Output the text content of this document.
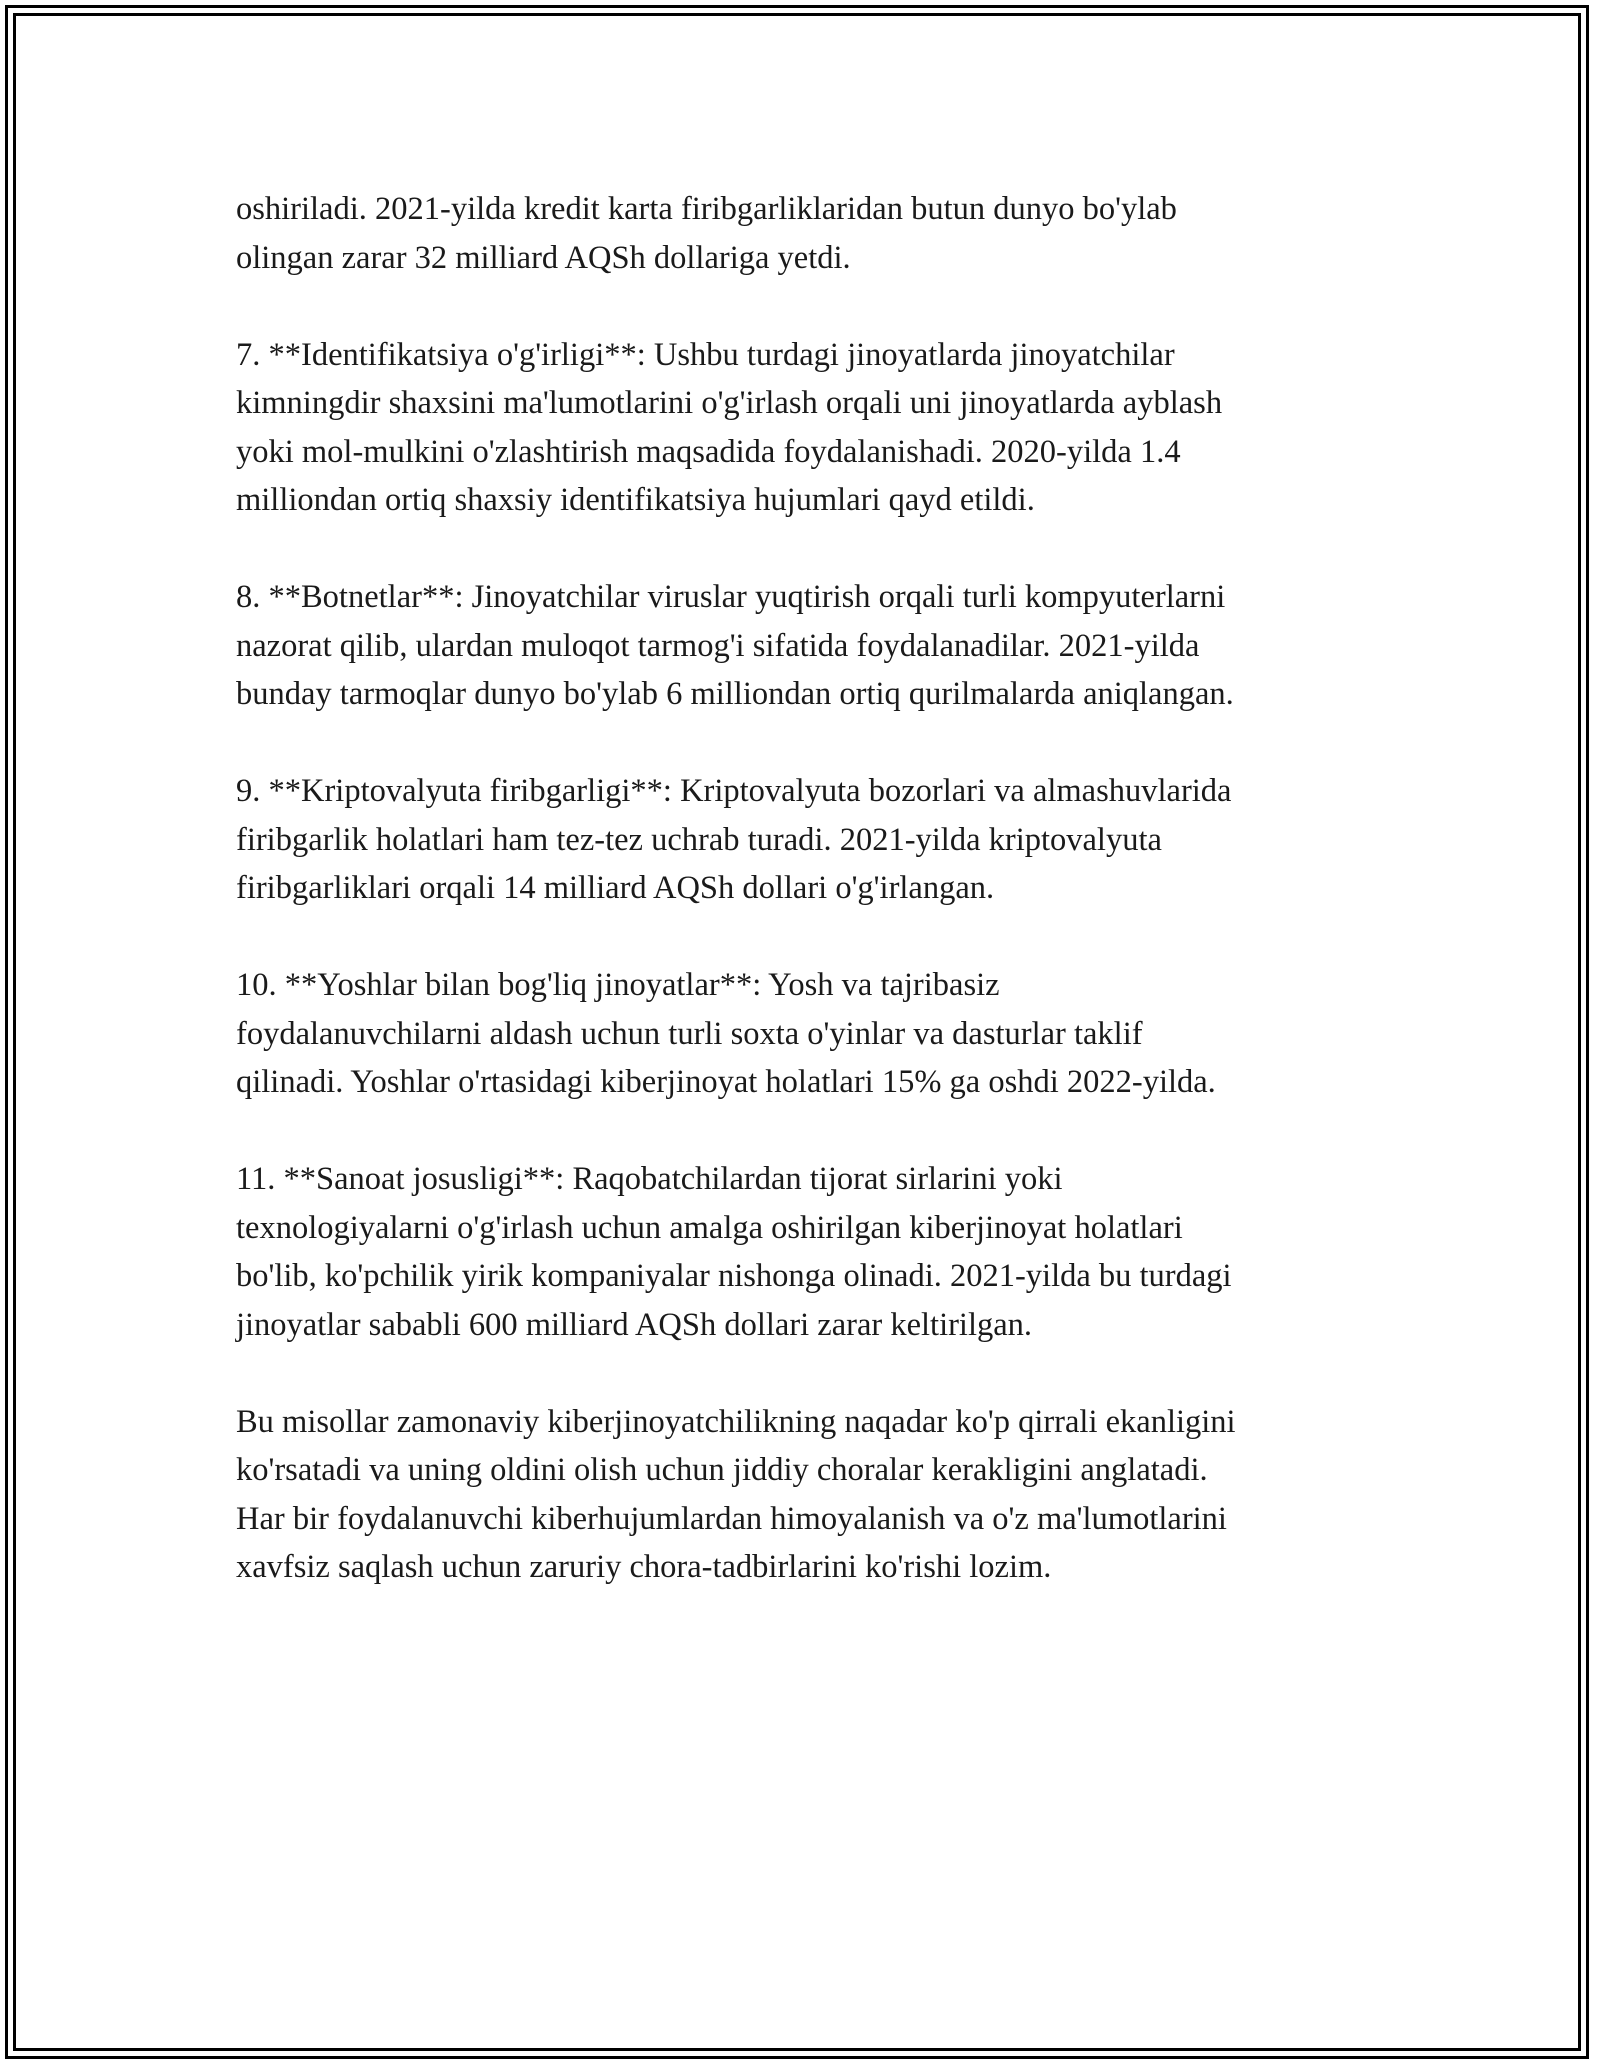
oshiriladi. 2021-yilda kredit karta firibgarliklaridan butun dunyo bo'ylab
olingan zarar 32 milliard AQSh dollariga yetdi.

7. **Identifikatsiya o'g'irligi**: Ushbu turdagi jinoyatlarda jinoyatchilar
kimningdir shaxsini ma'lumotlarini o'g'irlash orqali uni jinoyatlarda ayblash
yoki mol-mulkini o'zlashtirish maqsadida foydalanishadi. 2020-yilda 1.4
milliondan ortiq shaxsiy identifikatsiya hujumlari qayd etildi.

8. **Botnetlar**: Jinoyatchilar viruslar yuqtirish orqali turli kompyuterlarni
nazorat qilib, ulardan muloqot tarmog'i sifatida foydalanadilar. 2021-yilda
bunday tarmoqlar dunyo bo'ylab 6 milliondan ortiq qurilmalarda aniqlangan.

9. **Kriptovalyuta firibgarligi**: Kriptovalyuta bozorlari va almashuvlarida
firibgarlik holatlari ham tez-tez uchrab turadi. 2021-yilda kriptovalyuta
firibgarliklari orqali 14 milliard AQSh dollari o'g'irlangan.

10. **Yoshlar bilan bog'liq jinoyatlar**: Yosh va tajribasiz
foydalanuvchilarni aldash uchun turli soxta o'yinlar va dasturlar taklif
qilinadi. Yoshlar o'rtasidagi kiberjinoyat holatlari 15% ga oshdi 2022-yilda.

11. **Sanoat josusligi**: Raqobatchilardan tijorat sirlarini yoki
texnologiyalarni o'g'irlash uchun amalga oshirilgan kiberjinoyat holatlari
bo'lib, ko'pchilik yirik kompaniyalar nishonga olinadi. 2021-yilda bu turdagi
jinoyatlar sababli 600 milliard AQSh dollari zarar keltirilgan.

Bu misollar zamonaviy kiberjinoyatchilikning naqadar ko'p qirrali ekanligini
ko'rsatadi va uning oldini olish uchun jiddiy choralar kerakligini anglatadi.
Har bir foydalanuvchi kiberhujumlardan himoyalanish va o'z ma'lumotlarini
xavfsiz saqlash uchun zaruriy chora-tadbirlarini ko'rishi lozim.
